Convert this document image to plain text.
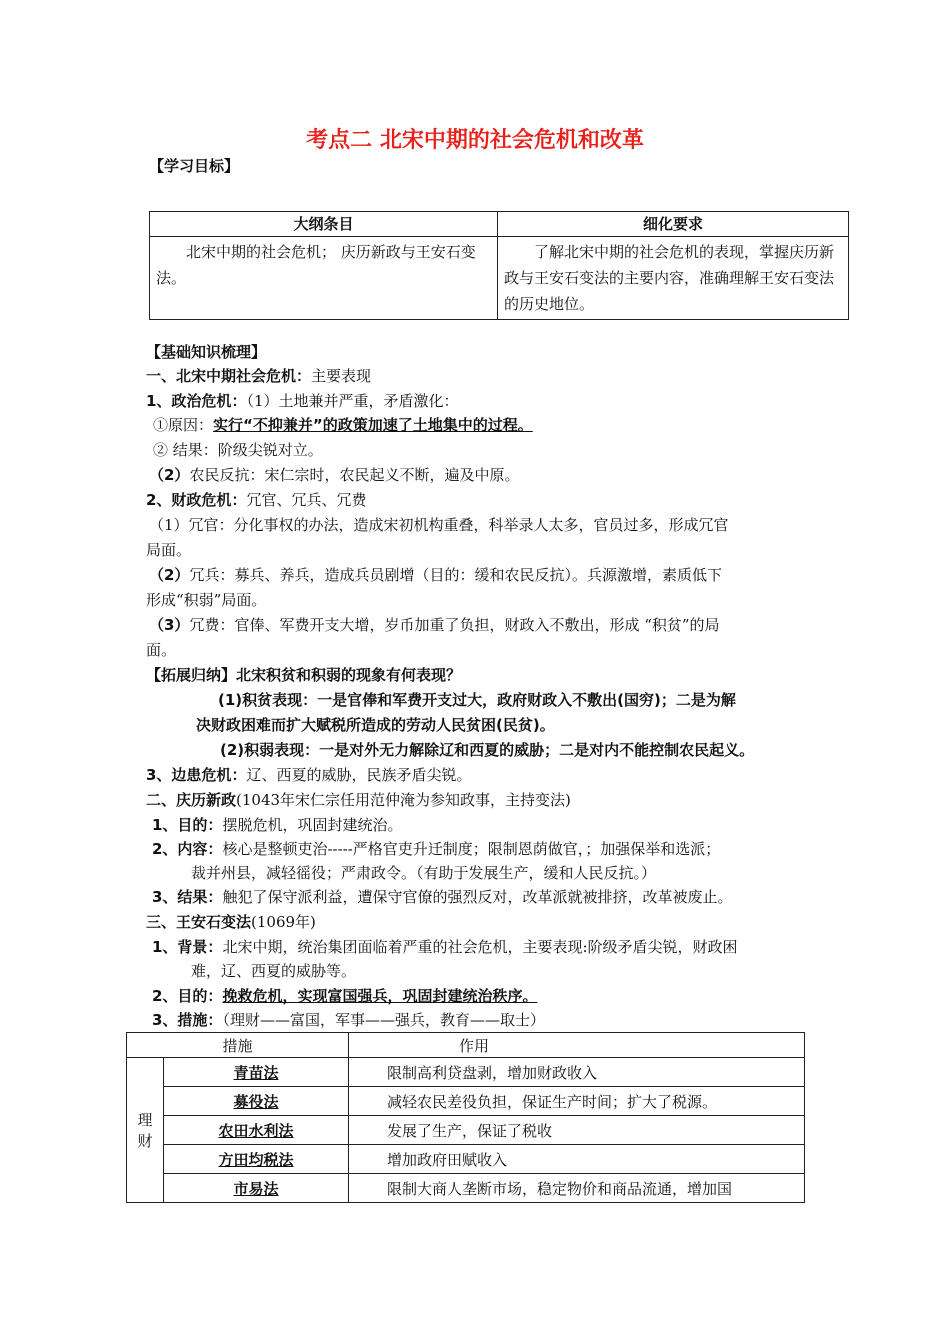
考点二 北宋中期的社会危机和改革
【学习目标】
大纲条目	细化要求
北宋中期的社会危机； 庆历新政与王安石变法。	了解北宋中期的社会危机的表现，掌握庆历新政与王安石变法的主要内容，准确理解王安石变法的历史地位。
【基础知识梳理】
一、北宋中期社会危机：主要表现
1、政治危机：（1）土地兼并严重，矛盾激化：
①原因：实行“不抑兼并”的政策加速了土地集中的过程。
② 结果：阶级尖锐对立。
（2）农民反抗：宋仁宗时，农民起义不断，遍及中原。
2、财政危机：冗官、冗兵、冗费
（1）冗官：分化事权的办法，造成宋初机构重叠，科举录人太多，官员过多，形成冗官
局面。
（2）冗兵：募兵、养兵，造成兵员剧增（目的：缓和农民反抗）。兵源激增，素质低下
形成“积弱”局面。
（3）冗费：官俸、军费开支大增，岁币加重了负担，财政入不敷出，形成 “积贫”的局
面。
【拓展归纳】北宋积贫和积弱的现象有何表现？
(1)积贫表现：一是官俸和军费开支过大，政府财政入不敷出(国穷)；二是为解
决财政困难而扩大赋税所造成的劳动人民贫困(民贫)。
(2)积弱表现：一是对外无力解除辽和西夏的威胁；二是对内不能控制农民起义。
3、边患危机：辽、西夏的威胁，民族矛盾尖锐。
二、庆历新政(1043年宋仁宗任用范仲淹为参知政事，主持变法)
1、目的：摆脱危机，巩固封建统治。
2、内容：核心是整顿吏治-----严格官吏升迁制度；限制恩荫做官，；加强保举和选派；
裁并州县，减轻徭役；严肃政令。（有助于发展生产，缓和人民反抗。）
3、结果：触犯了保守派利益，遭保守官僚的强烈反对，改革派就被排挤，改革被废止。
三、王安石变法(1069年)
1、背景：北宋中期，统治集团面临着严重的社会危机，主要表现:阶级矛盾尖锐，财政困
难，辽、西夏的威胁等。
2、目的：挽救危机，实现富国强兵，巩固封建统治秩序。
3、措施：（理财——富国，军事——强兵，教育——取士）
措施		作用
理财	青苗法	限制高利贷盘剥，增加财政收入
	募役法	减轻农民差役负担，保证生产时间；扩大了税源。
	农田水利法	发展了生产，保证了税收
	方田均税法	增加政府田赋收入
	市易法	限制大商人垄断市场，稳定物价和商品流通，增加国
